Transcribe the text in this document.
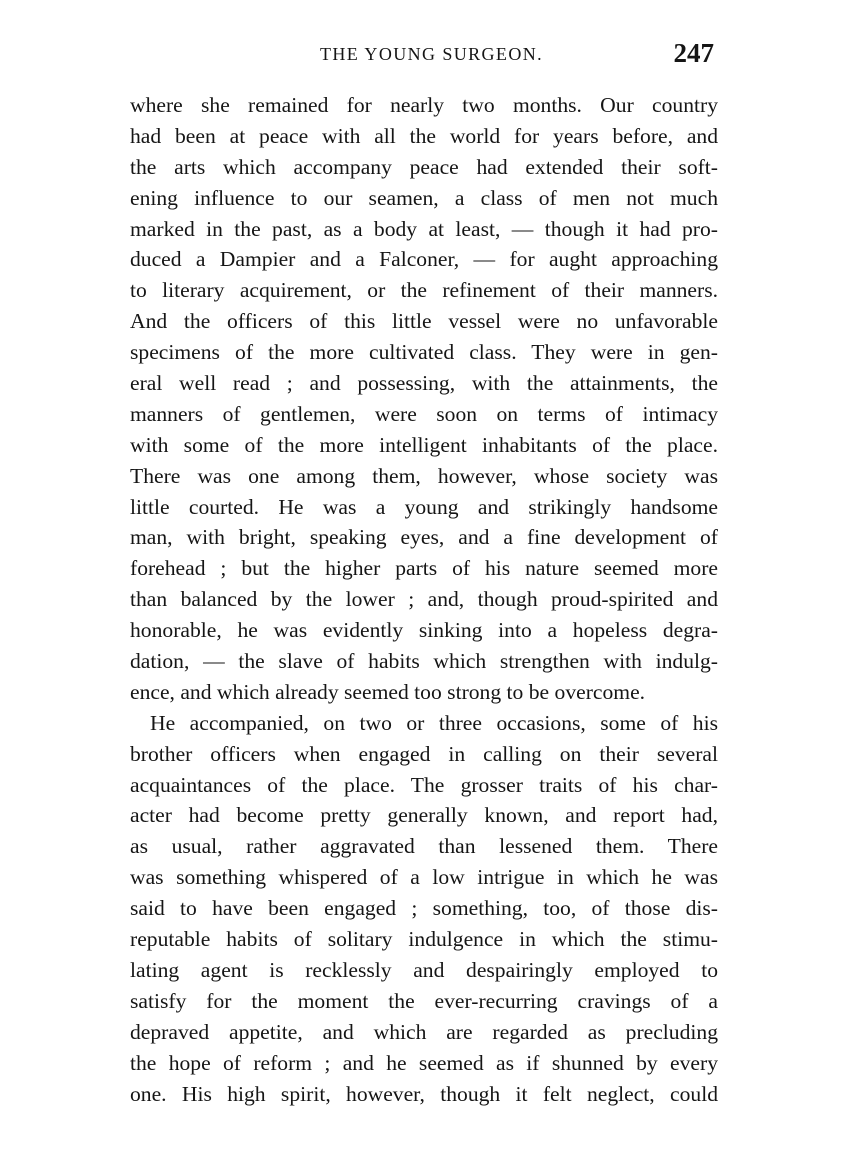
THE YOUNG SURGEON.	247
where she remained for nearly two months. Our country
had been at peace with all the world for years before, and
the arts which accompany peace had extended their soft-
ening influence to our seamen, a class of men not much
marked in the past, as a body at least, — though it had pro-
duced a Dampier and a Falconer, — for aught approaching
to literary acquirement, or the refinement of their manners.
And the officers of this little vessel were no unfavorable
specimens of the more cultivated class. They were in gen-
eral well read ; and possessing, with the attainments, the
manners of gentlemen, were soon on terms of intimacy
with some of the more intelligent inhabitants of the place.
There was one among them, however, whose society was
little courted. He was a young and strikingly handsome
man, with bright, speaking eyes, and a fine development of
forehead ; but the higher parts of his nature seemed more
than balanced by the lower ; and, though proud-spirited and
honorable, he was evidently sinking into a hopeless degra-
dation, — the slave of habits which strengthen with indulg-
ence, and which already seemed too strong to be overcome.
He accompanied, on two or three occasions, some of his
brother officers when engaged in calling on their several
acquaintances of the place. The grosser traits of his char-
acter had become pretty generally known, and report had,
as usual, rather aggravated than lessened them. There
was something whispered of a low intrigue in which he was
said to have been engaged ; something, too, of those dis-
reputable habits of solitary indulgence in which the stimu-
lating agent is recklessly and despairingly employed to
satisfy for the moment the ever-recurring cravings of a
depraved appetite, and which are regarded as precluding
the hope of reform ; and he seemed as if shunned by every
one. His high spirit, however, though it felt neglect, could
